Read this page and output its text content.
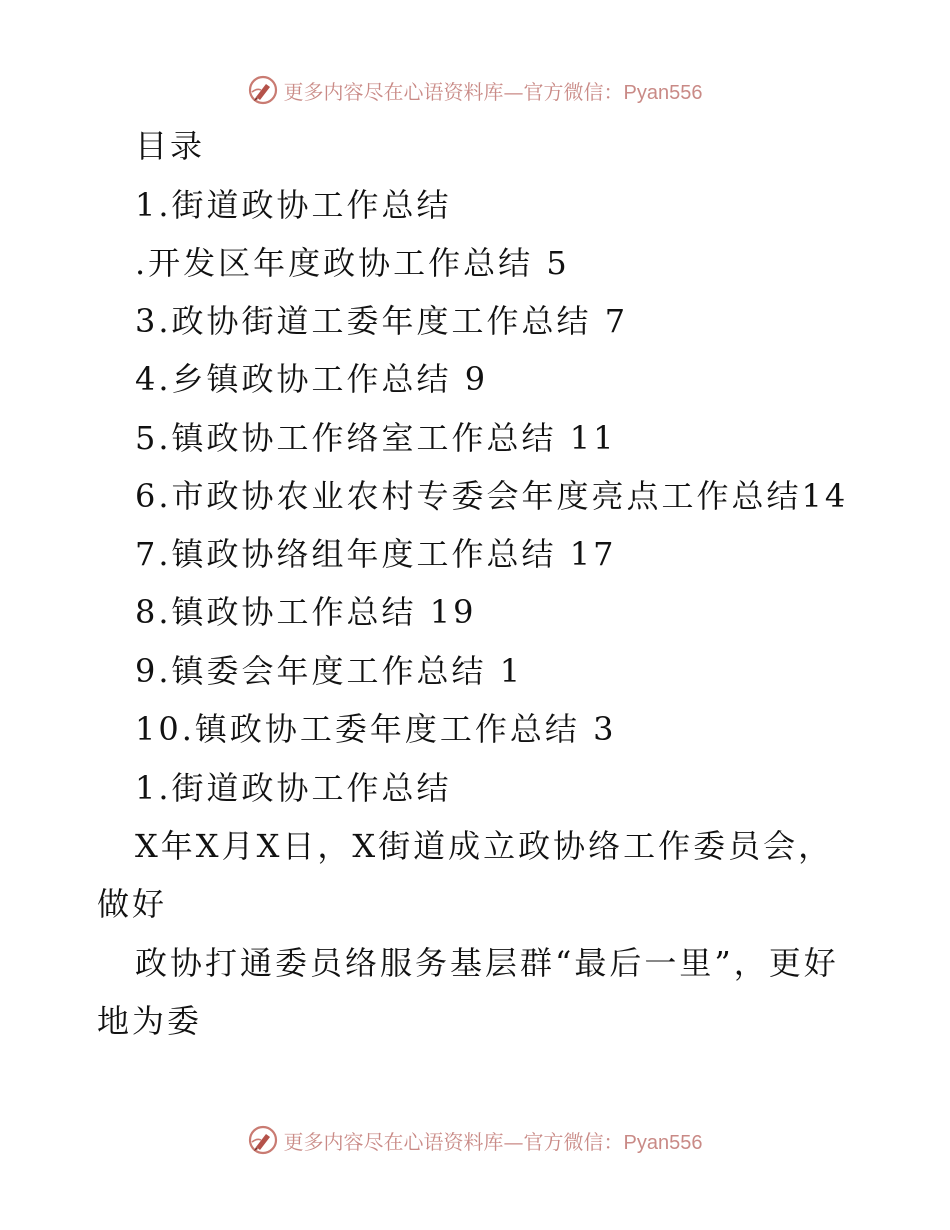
更多内容尽在心语资料库—官方微信：Pyan556
目录
1.街道政协工作总结
.开发区年度政协工作总结 5
3.政协街道工委年度工作总结 7
4.乡镇政协工作总结 9
5.镇政协工作络室工作总结 11
6.市政协农业农村专委会年度亮点工作总结14
7.镇政协络组年度工作总结 17
8.镇政协工作总结 19
9.镇委会年度工作总结 1
10.镇政协工委年度工作总结 3
1.街道政协工作总结
X年X月X日，X街道成立政协络工作委员会，
做好
政协打通委员络服务基层群“最后一里”，更好
地为委
更多内容尽在心语资料库—官方微信：Pyan556
